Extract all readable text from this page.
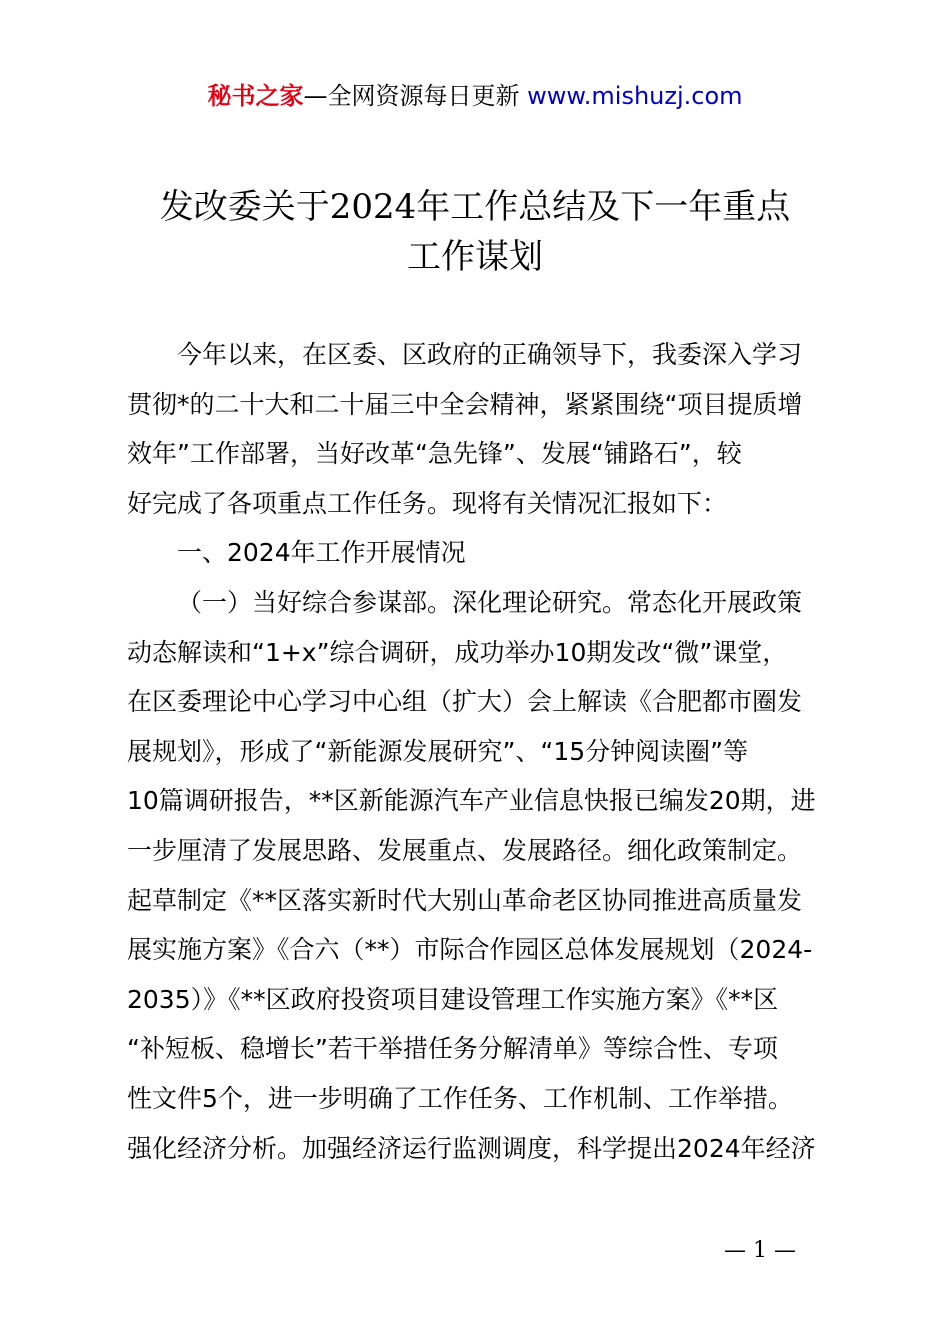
秘书之家—全网资源每日更新 www.mishuzj.com
发改委关于2024年工作总结及下一年重点
工作谋划
今年以来，在区委、区政府的正确领导下，我委深入学习
贯彻*的二十大和二十届三中全会精神，紧紧围绕“项目提质增
效年”工作部署，当好改革“急先锋”、发展“铺路石”，较
好完成了各项重点工作任务。现将有关情况汇报如下：
一、2024年工作开展情况
（一）当好综合参谋部。深化理论研究。常态化开展政策
动态解读和“1+x”综合调研，成功举办10期发改“微”课堂，
在区委理论中心学习中心组（扩大）会上解读《合肥都市圈发
展规划》，形成了“新能源发展研究”、“15分钟阅读圈”等
10篇调研报告，**区新能源汽车产业信息快报已编发20期，进
一步厘清了发展思路、发展重点、发展路径。细化政策制定。
起草制定《**区落实新时代大别山革命老区协同推进高质量发
展实施方案》《合六（**）市际合作园区总体发展规划（2024-
2035）》《**区政府投资项目建设管理工作实施方案》《**区
“补短板、稳增长”若干举措任务分解清单》等综合性、专项
性文件5个，进一步明确了工作任务、工作机制、工作举措。
强化经济分析。加强经济运行监测调度，科学提出2024年经济
— 1 —
